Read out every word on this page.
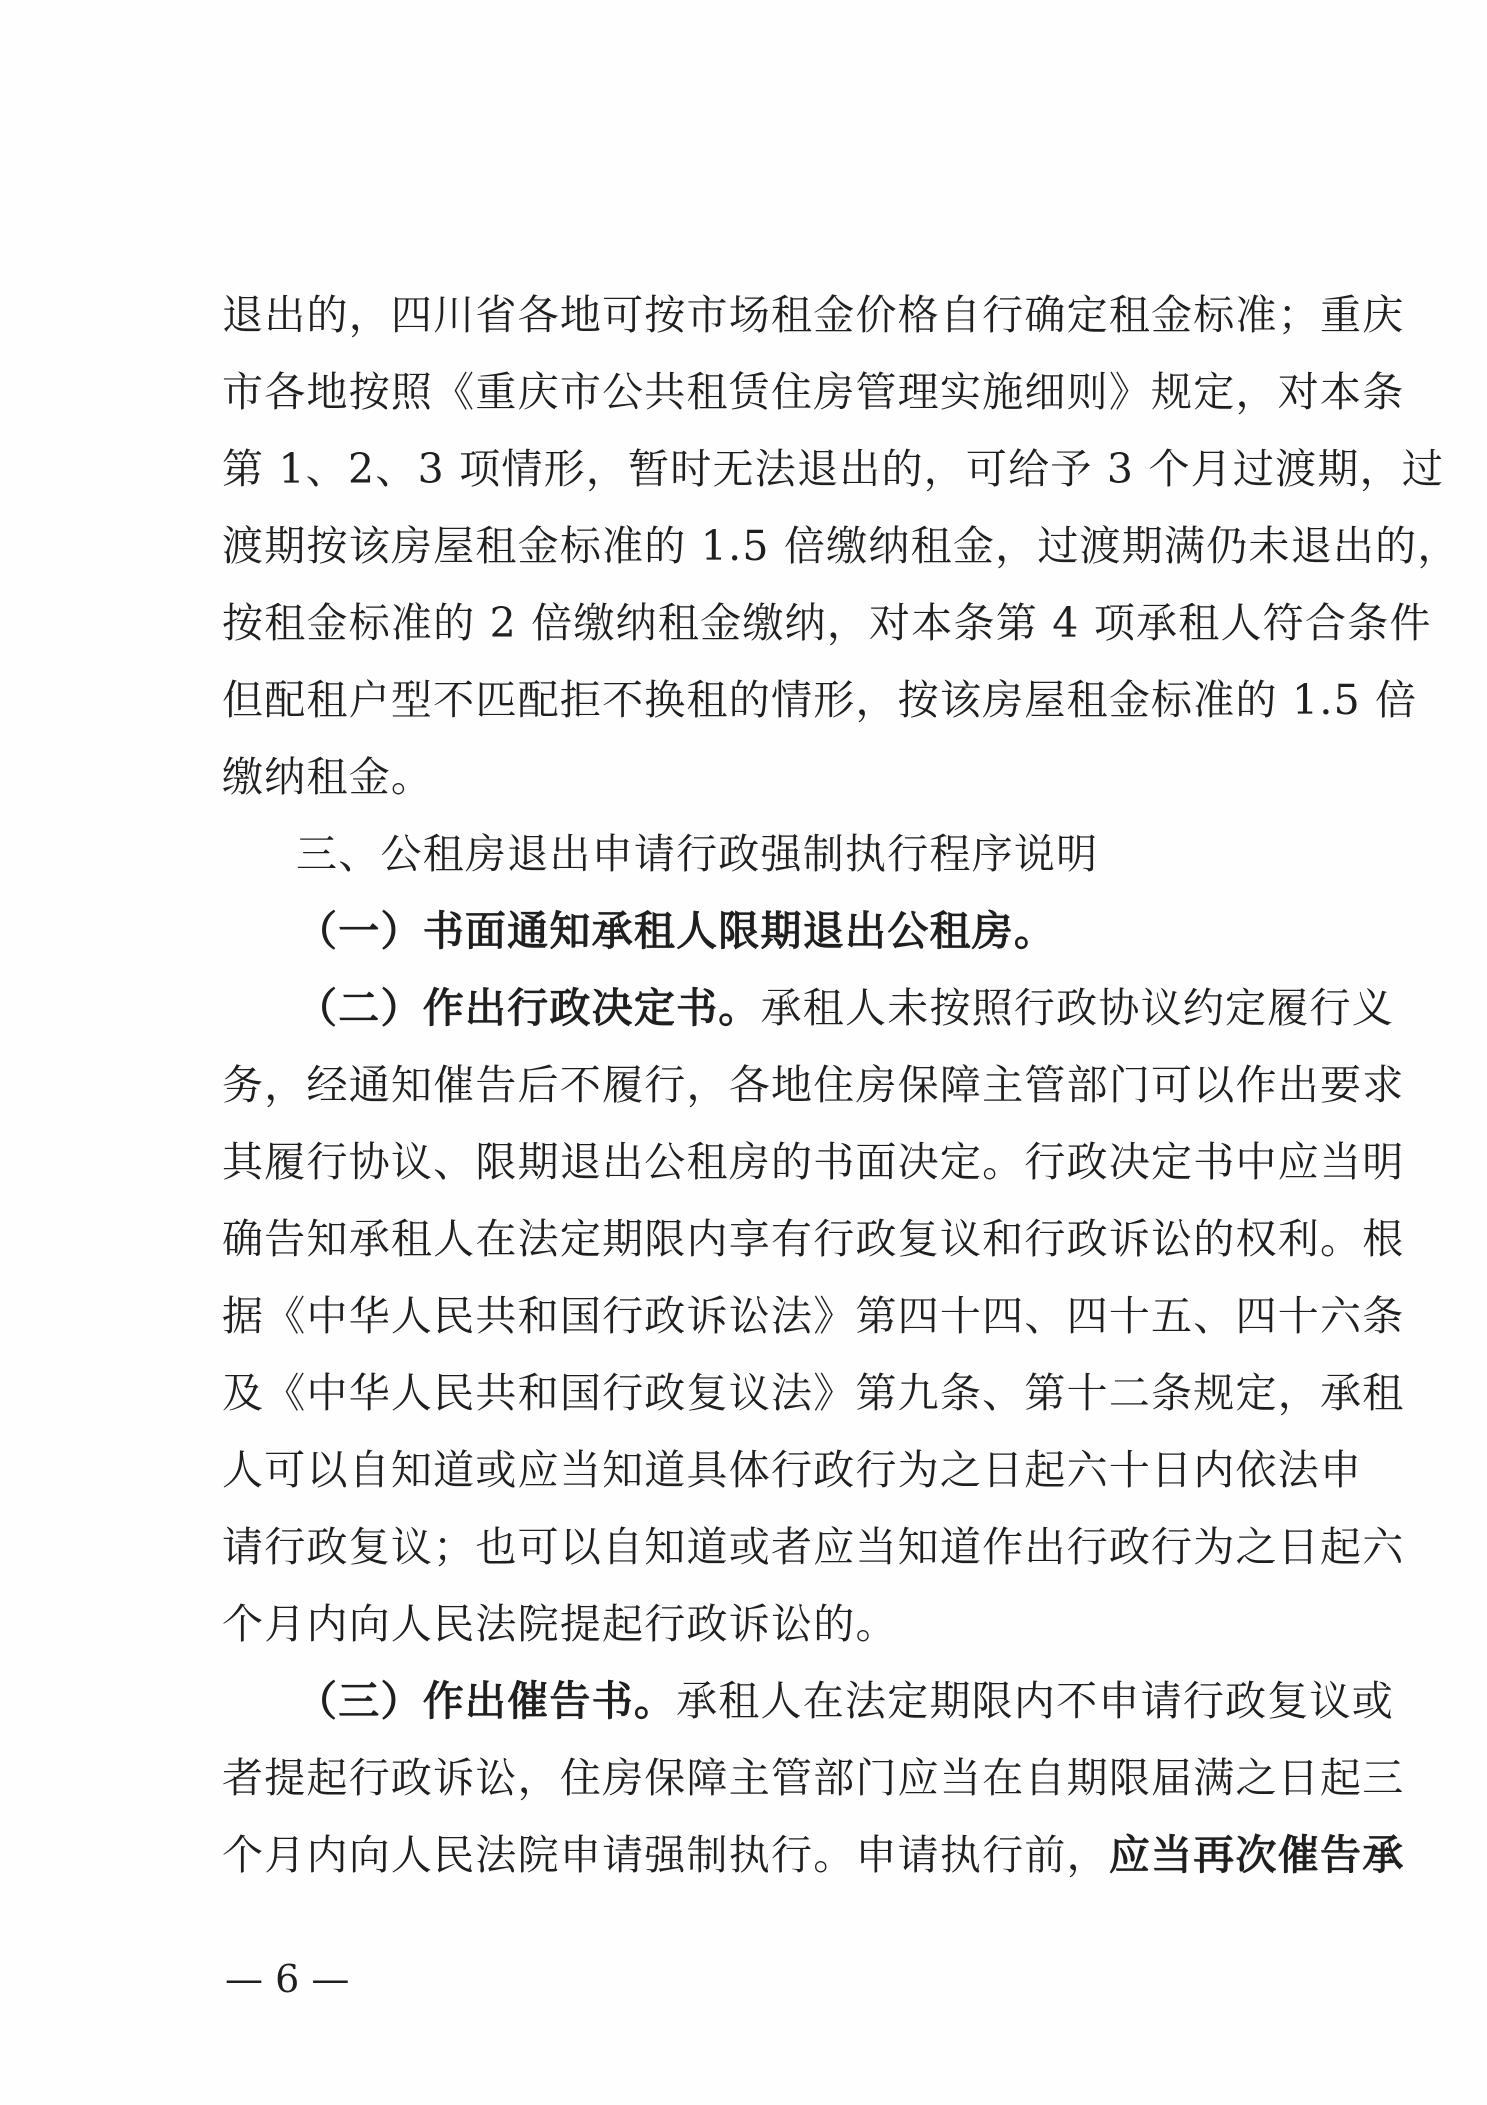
退出的，四川省各地可按市场租金价格自行确定租金标准；重庆
市各地按照《重庆市公共租赁住房管理实施细则》规定，对本条
第 1、2、3 项情形，暂时无法退出的，可给予 3 个月过渡期，过
渡期按该房屋租金标准的 1.5 倍缴纳租金，过渡期满仍未退出的，
按租金标准的 2 倍缴纳租金缴纳，对本条第 4 项承租人符合条件
但配租户型不匹配拒不换租的情形，按该房屋租金标准的 1.5 倍
缴纳租金。
三、公租房退出申请行政强制执行程序说明
（一）书面通知承租人限期退出公租房。
（二）作出行政决定书。承租人未按照行政协议约定履行义
务，经通知催告后不履行，各地住房保障主管部门可以作出要求
其履行协议、限期退出公租房的书面决定。行政决定书中应当明
确告知承租人在法定期限内享有行政复议和行政诉讼的权利。根
据《中华人民共和国行政诉讼法》第四十四、四十五、四十六条
及《中华人民共和国行政复议法》第九条、第十二条规定，承租
人可以自知道或应当知道具体行政行为之日起六十日内依法申
请行政复议；也可以自知道或者应当知道作出行政行为之日起六
个月内向人民法院提起行政诉讼的。
（三）作出催告书。承租人在法定期限内不申请行政复议或
者提起行政诉讼，住房保障主管部门应当在自期限届满之日起三
个月内向人民法院申请强制执行。申请执行前，应当再次催告承
— 6 —
